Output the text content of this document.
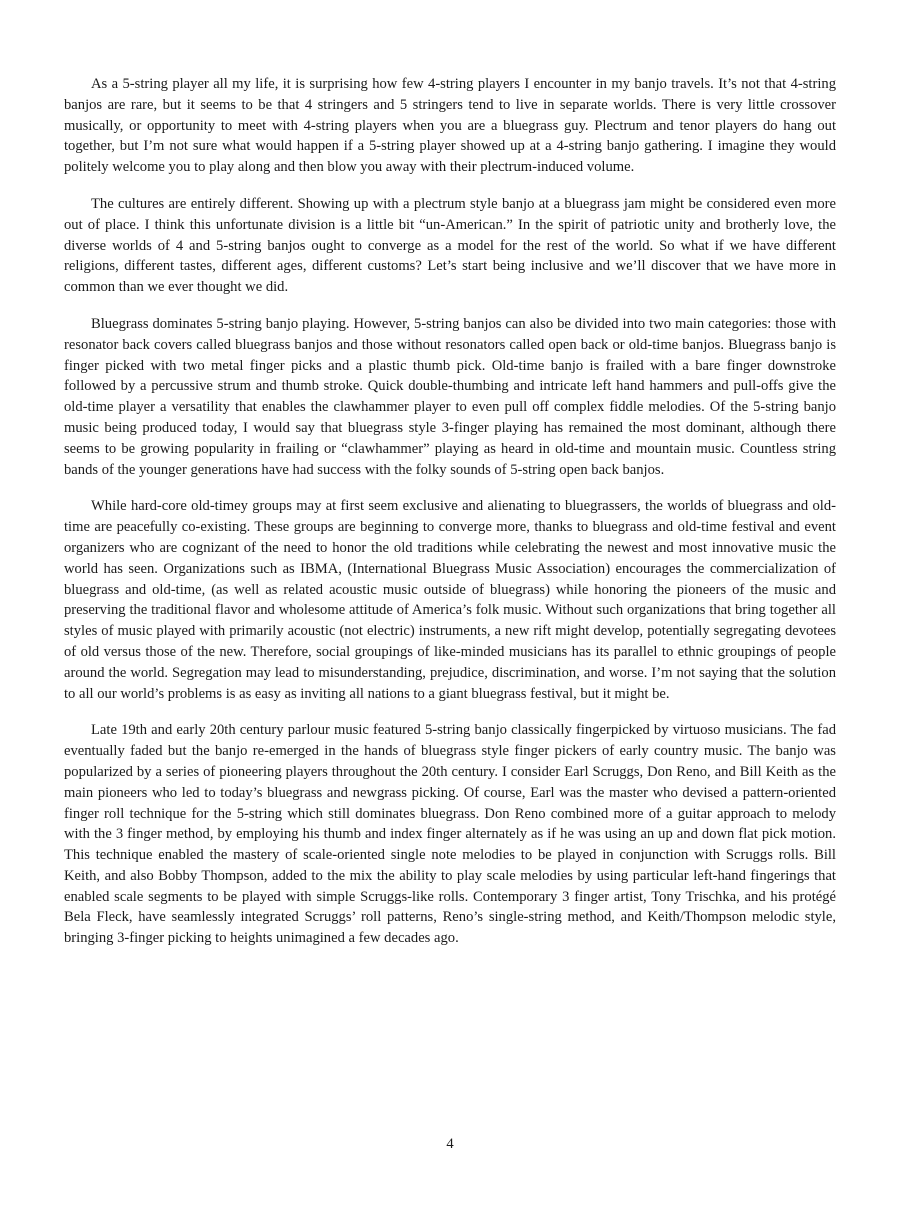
As a 5-string player all my life, it is surprising how few 4-string players I encounter in my banjo travels. It’s not that 4-string banjos are rare, but it seems to be that 4 stringers and 5 stringers tend to live in separate worlds. There is very little crossover musically, or opportunity to meet with 4-string players when you are a bluegrass guy. Plectrum and tenor players do hang out together, but I’m not sure what would happen if a 5-string player showed up at a 4-string banjo gathering. I imagine they would politely welcome you to play along and then blow you away with their plectrum-induced volume.

The cultures are entirely different. Showing up with a plectrum style banjo at a bluegrass jam might be considered even more out of place. I think this unfortunate division is a little bit “un-American.” In the spirit of patriotic unity and brotherly love, the diverse worlds of 4 and 5-string banjos ought to converge as a model for the rest of the world. So what if we have different religions, different tastes, different ages, different customs? Let’s start being inclusive and we’ll discover that we have more in common than we ever thought we did.

Bluegrass dominates 5-string banjo playing. However, 5-string banjos can also be divided into two main categories: those with resonator back covers called bluegrass banjos and those without resonators called open back or old-time banjos. Bluegrass banjo is finger picked with two metal finger picks and a plastic thumb pick. Old-time banjo is frailed with a bare finger downstroke followed by a percussive strum and thumb stroke. Quick double-thumbing and intricate left hand hammers and pull-offs give the old-time player a versatility that enables the clawhammer player to even pull off complex fiddle melodies. Of the 5-string banjo music being produced today, I would say that bluegrass style 3-finger playing has remained the most dominant, although there seems to be growing popularity in frailing or “clawhammer” playing as heard in old-time and mountain music. Countless string bands of the younger generations have had success with the folky sounds of 5-string open back banjos.

While hard-core old-timey groups may at first seem exclusive and alienating to bluegrassers, the worlds of bluegrass and old-time are peacefully co-existing. These groups are beginning to converge more, thanks to bluegrass and old-time festival and event organizers who are cognizant of the need to honor the old traditions while celebrating the newest and most innovative music the world has seen. Organizations such as IBMA, (International Bluegrass Music Association) encourages the commercialization of bluegrass and old-time, (as well as related acoustic music outside of bluegrass) while honoring the pioneers of the music and preserving the traditional flavor and wholesome attitude of America’s folk music. Without such organizations that bring together all styles of music played with primarily acoustic (not electric) instruments, a new rift might develop, potentially segregating devotees of old versus those of the new. Therefore, social groupings of like-minded musicians has its parallel to ethnic groupings of people around the world. Segregation may lead to misunderstanding, prejudice, discrimination, and worse. I’m not saying that the solution to all our world’s problems is as easy as inviting all nations to a giant bluegrass festival, but it might be.

Late 19th and early 20th century parlour music featured 5-string banjo classically fingerpicked by virtuoso musicians. The fad eventually faded but the banjo re-emerged in the hands of bluegrass style finger pickers of early country music. The banjo was popularized by a series of pioneering players throughout the 20th century. I consider Earl Scruggs, Don Reno, and Bill Keith as the main pioneers who led to today’s bluegrass and newgrass picking. Of course, Earl was the master who devised a pattern-oriented finger roll technique for the 5-string which still dominates bluegrass. Don Reno combined more of a guitar approach to melody with the 3 finger method, by employing his thumb and index finger alternately as if he was using an up and down flat pick motion. This technique enabled the mastery of scale-oriented single note melodies to be played in conjunction with Scruggs rolls. Bill Keith, and also Bobby Thompson, added to the mix the ability to play scale melodies by using particular left-hand fingerings that enabled scale segments to be played with simple Scruggs-like rolls. Contemporary 3 finger artist, Tony Trischka, and his protégé Bela Fleck, have seamlessly integrated Scruggs’ roll patterns, Reno’s single-string method, and Keith/Thompson melodic style, bringing 3-finger picking to heights unimagined a few decades ago.

4
